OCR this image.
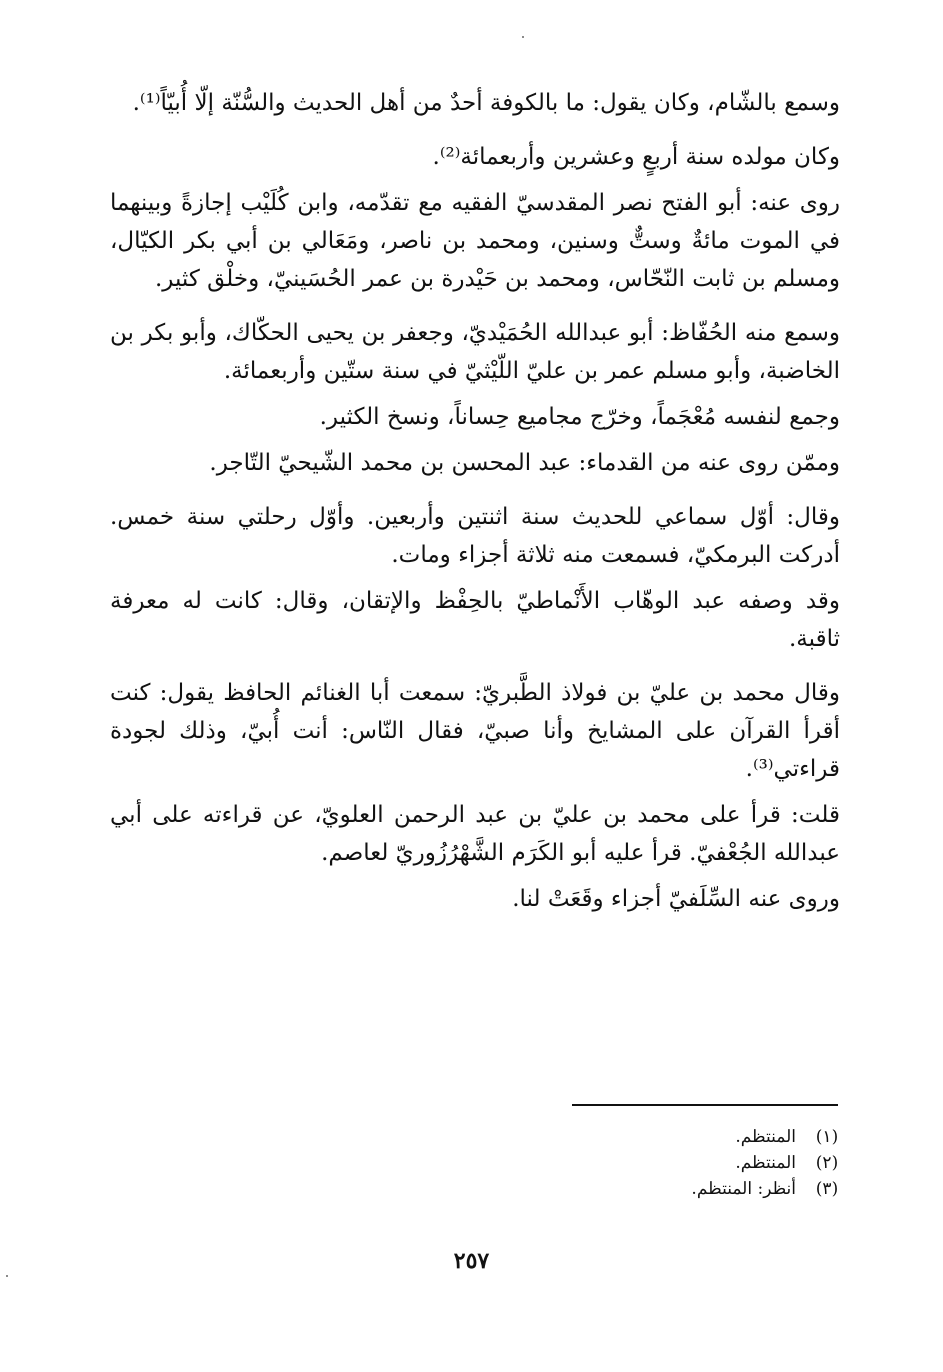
وسمع بالشّام، وكان يقول: ما بالكوفة أحدٌ من أهل الحديث والسُّنّة إلّا أُبيّاً⁽¹⁾.

وكان مولده سنة أربعٍ وعشرين وأربعمائة⁽²⁾.

روى عنه: أبو الفتح نصر المقدسيّ الفقيه مع تقدّمه، وابن كُلَيْب إجازةً وبينهما في الموت مائةٌ وستٌّ وسنين، ومحمد بن ناصر، ومَعَالي بن أبي بكر الكيّال، ومسلم بن ثابت النّحّاس، ومحمد بن حَيْدرة بن عمر الحُسَينيّ، وخلْق كثير.

وسمع منه الحُفّاظ: أبو عبدالله الحُمَيْديّ، وجعفر بن يحيى الحكّاك، وأبو بكر بن الخاضبة، وأبو مسلم عمر بن عليّ اللّيْثيّ في سنة ستّين وأربعمائة.

وجمع لنفسه مُعْجَماً، وخرّج مجاميع حِساناً، ونسخ الكثير.

وممّن روى عنه من القدماء: عبد المحسن بن محمد الشّيحيّ التّاجر.

وقال: أوّل سماعي للحديث سنة اثنتين وأربعين. وأوّل رحلتي سنة خمس. أدركت البرمكيّ، فسمعت منه ثلاثة أجزاء ومات.

وقد وصفه عبد الوهّاب الأَنْماطيّ بالحِفْظ والإتقان، وقال: كانت له معرفة ثاقبة.

وقال محمد بن عليّ بن فولاذ الطَّبريّ: سمعت أبا الغنائم الحافظ يقول: كنت أقرأ القرآن على المشايخ وأنا صبيّ، فقال النّاس: أنت أُبيّ، وذلك لجودة قراءتي⁽³⁾.

قلت: قرأ على محمد بن عليّ بن عبد الرحمن العلويّ، عن قراءته على أبي عبدالله الجُعْفيّ. قرأ عليه أبو الكَرَم الشَّهْرُزُوريّ لعاصم.

وروى عنه السِّلَفيّ أجزاء وقَعَتْ لنا.

(١)
المنتظم.
(٢)
المنتظم.
(٣)
أنظر: المنتظم.
٢٥٧
